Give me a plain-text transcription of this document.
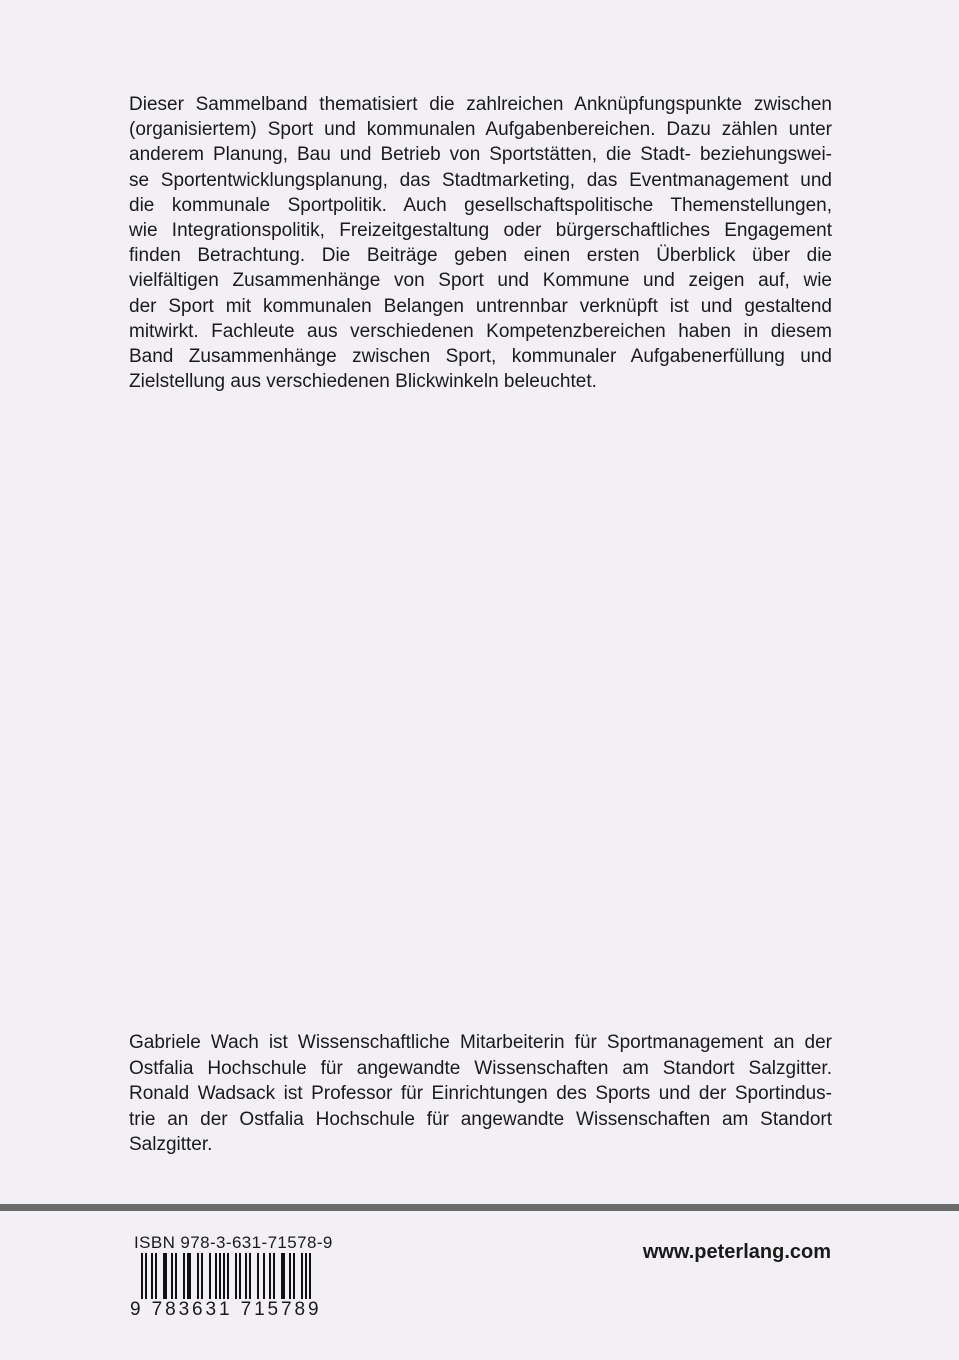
Dieser Sammelband thematisiert die zahlreichen Anknüpfungspunkte zwischen
(organisiertem) Sport und kommunalen Aufgabenbereichen. Dazu zählen unter
anderem Planung, Bau und Betrieb von Sportstätten, die Stadt- beziehungswei-
se Sportentwicklungsplanung, das Stadtmarketing, das Eventmanagement und
die kommunale Sportpolitik. Auch gesellschaftspolitische Themenstellungen,
wie Integrationspolitik, Freizeitgestaltung oder bürgerschaftliches Engagement
finden Betrachtung. Die Beiträge geben einen ersten Überblick über die
vielfältigen Zusammenhänge von Sport und Kommune und zeigen auf, wie
der Sport mit kommunalen Belangen untrennbar verknüpft ist und gestaltend
mitwirkt. Fachleute aus verschiedenen Kompetenzbereichen haben in diesem
Band Zusammenhänge zwischen Sport, kommunaler Aufgabenerfüllung und
Zielstellung aus verschiedenen Blickwinkeln beleuchtet.
Gabriele Wach ist Wissenschaftliche Mitarbeiterin für Sportmanagement an der
Ostfalia Hochschule für angewandte Wissenschaften am Standort Salzgitter.
Ronald Wadsack ist Professor für Einrichtungen des Sports und der Sportindus-
trie an der Ostfalia Hochschule für angewandte Wissenschaften am Standort
Salzgitter.
ISBN 978-3-631-71578-9
9 783631 715789
www.peterlang.com
